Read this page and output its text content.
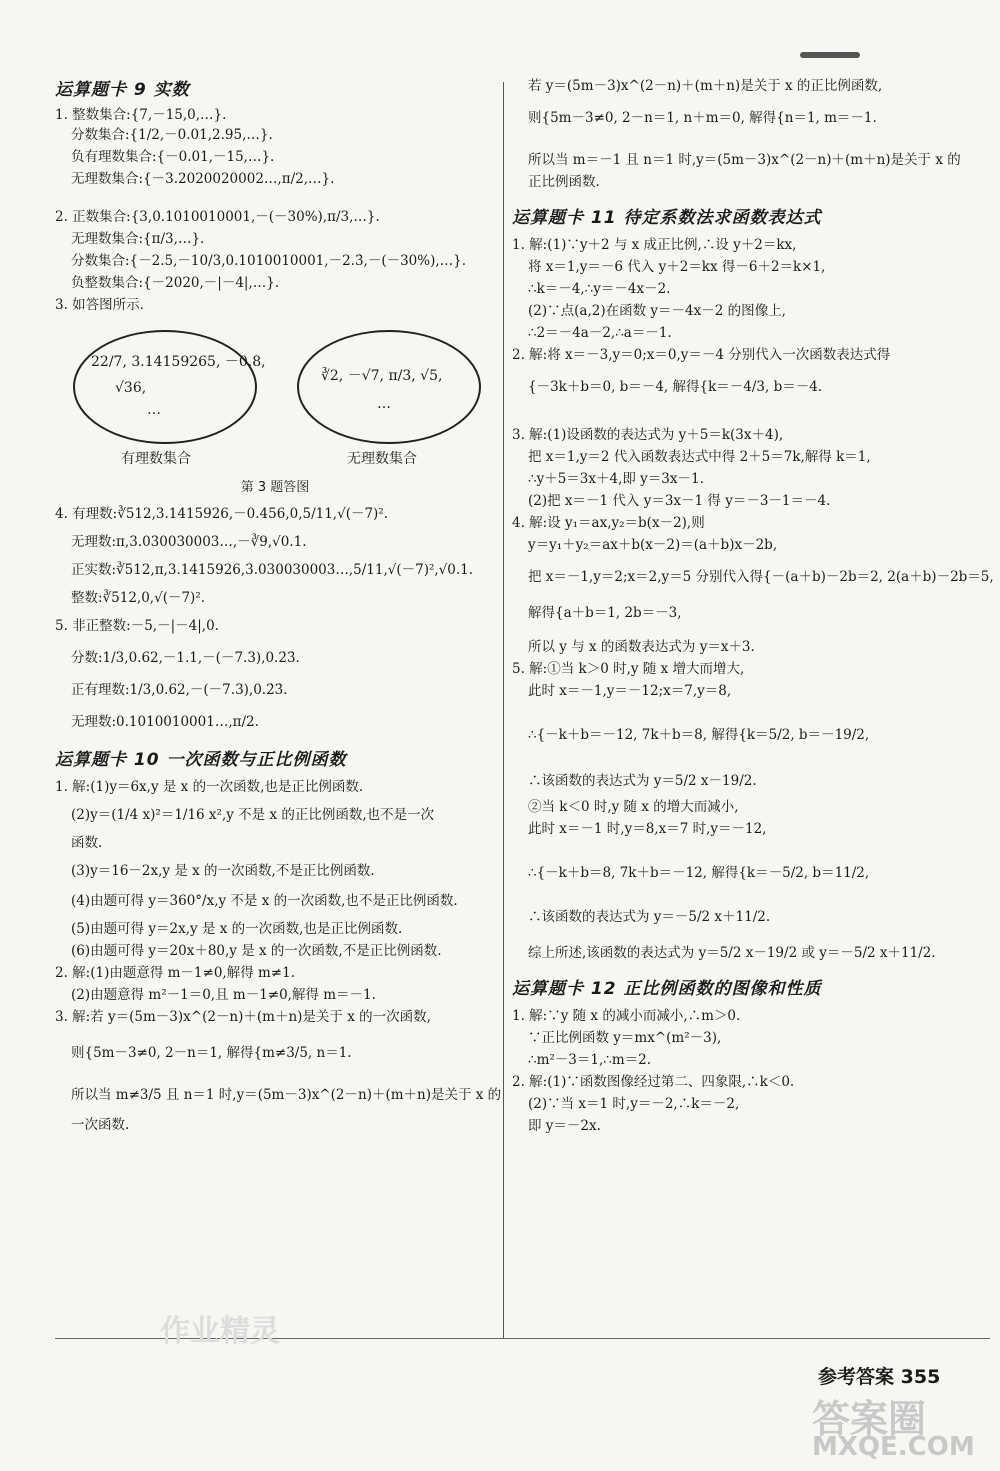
运算题卡 9 实数

1. 整数集合:{7,－15,0,…}.

分数集合:{1/2,－0.01,2.95̇,…}.

负有理数集合:{－0.01,－15,…}.

无理数集合:{－3.2020020002…,π/2,…}.

2. 正数集合:{3,0.1010010001,－(－30%),π/3,…}.

无理数集合:{π/3,…}.

分数集合:{－2.5,－10/3,0.1010010001,－2.3̇,－(－30%),…}.

负整数集合:{－2020,－|－4|,…}.

3. 如答图所示.

22/7, 3.14159265, －0.8,
√36,
…
有理数集合
∛2, －√7, π/3, √5,
…
无理数集合

第 3 题答图

4. 有理数:∛512,3.1415926,－0.456,0,5/11,√(－7)².

无理数:π,3.030030003…,－∛9,√0.1.

正实数:∛512,π,3.1415926,3.030030003…,5/11,√(－7)²,√0.1.

整数:∛512,0,√(－7)².

5. 非正整数:－5,－|－4|,0.

分数:1/3,0.62,－1.1,－(－7.3),0.2̇3̇.

正有理数:1/3,0.62,－(－7.3),0.2̇3̇.

无理数:0.1010010001…,π/2.

运算题卡 10 一次函数与正比例函数

1. 解:(1)y＝6x,y 是 x 的一次函数,也是正比例函数.

(2)y＝(1/4 x)²＝1/16 x²,y 不是 x 的正比例函数,也不是一次

函数.

(3)y＝16－2x,y 是 x 的一次函数,不是正比例函数.

(4)由题可得 y＝360°/x,y 不是 x 的一次函数,也不是正比例函数.

(5)由题可得 y＝2x,y 是 x 的一次函数,也是正比例函数.

(6)由题可得 y＝20x＋80,y 是 x 的一次函数,不是正比例函数.

2. 解:(1)由题意得 m－1≠0,解得 m≠1.

(2)由题意得 m²－1＝0,且 m－1≠0,解得 m＝－1.

3. 解:若 y＝(5m－3)x^(2－n)＋(m＋n)是关于 x 的一次函数,

则{5m－3≠0, 2－n＝1, 解得{m≠3/5, n＝1.

所以当 m≠3/5 且 n＝1 时,y＝(5m－3)x^(2－n)＋(m＋n)是关于 x 的

一次函数.

若 y＝(5m－3)x^(2－n)＋(m＋n)是关于 x 的正比例函数,

则{5m－3≠0, 2－n＝1, n＋m＝0, 解得{n＝1, m＝－1.

所以当 m＝－1 且 n＝1 时,y＝(5m－3)x^(2－n)＋(m＋n)是关于 x 的

正比例函数.

运算题卡 11 待定系数法求函数表达式

1. 解:(1)∵y＋2 与 x 成正比例,∴设 y＋2＝kx,

将 x＝1,y＝－6 代入 y＋2＝kx 得－6＋2＝k×1,

∴k＝－4,∴y＝－4x－2.

(2)∵点(a,2)在函数 y＝－4x－2 的图像上,

∴2＝－4a－2,∴a＝－1.

2. 解:将 x＝－3,y＝0;x＝0,y＝－4 分别代入一次函数表达式得

{－3k＋b＝0, b＝－4, 解得{k＝－4/3, b＝－4.

3. 解:(1)设函数的表达式为 y＋5＝k(3x＋4),

把 x＝1,y＝2 代入函数表达式中得 2＋5＝7k,解得 k＝1,

∴y＋5＝3x＋4,即 y＝3x－1.

(2)把 x＝－1 代入 y＝3x－1 得 y＝－3－1＝－4.

4. 解:设 y₁＝ax,y₂＝b(x－2),则

y＝y₁＋y₂＝ax＋b(x－2)＝(a＋b)x－2b,

把 x＝－1,y＝2;x＝2,y＝5 分别代入得{－(a＋b)－2b＝2, 2(a＋b)－2b＝5,

解得{a＋b＝1, 2b＝－3,

所以 y 与 x 的函数表达式为 y＝x＋3.

5. 解:①当 k＞0 时,y 随 x 增大而增大,

此时 x＝－1,y＝－12;x＝7,y＝8,

∴{－k＋b＝－12, 7k＋b＝8, 解得{k＝5/2, b＝－19/2,

∴该函数的表达式为 y＝5/2 x－19/2.

②当 k＜0 时,y 随 x 的增大而减小,

此时 x＝－1 时,y＝8,x＝7 时,y＝－12,

∴{－k＋b＝8, 7k＋b＝－12, 解得{k＝－5/2, b＝11/2,

∴该函数的表达式为 y＝－5/2 x＋11/2.

综上所述,该函数的表达式为 y＝5/2 x－19/2 或 y＝－5/2 x＋11/2.

运算题卡 12 正比例函数的图像和性质

1. 解:∵y 随 x 的减小而减小,∴m＞0.

∵正比例函数 y＝mx^(m²－3),

∴m²－3＝1,∴m＝2.

2. 解:(1)∵函数图像经过第二、四象限,∴k＜0.

(2)∵当 x＝1 时,y＝－2,∴k＝－2,

即 y＝－2x.

参考答案 355
答案圈
MXQE.COM
作业精灵
